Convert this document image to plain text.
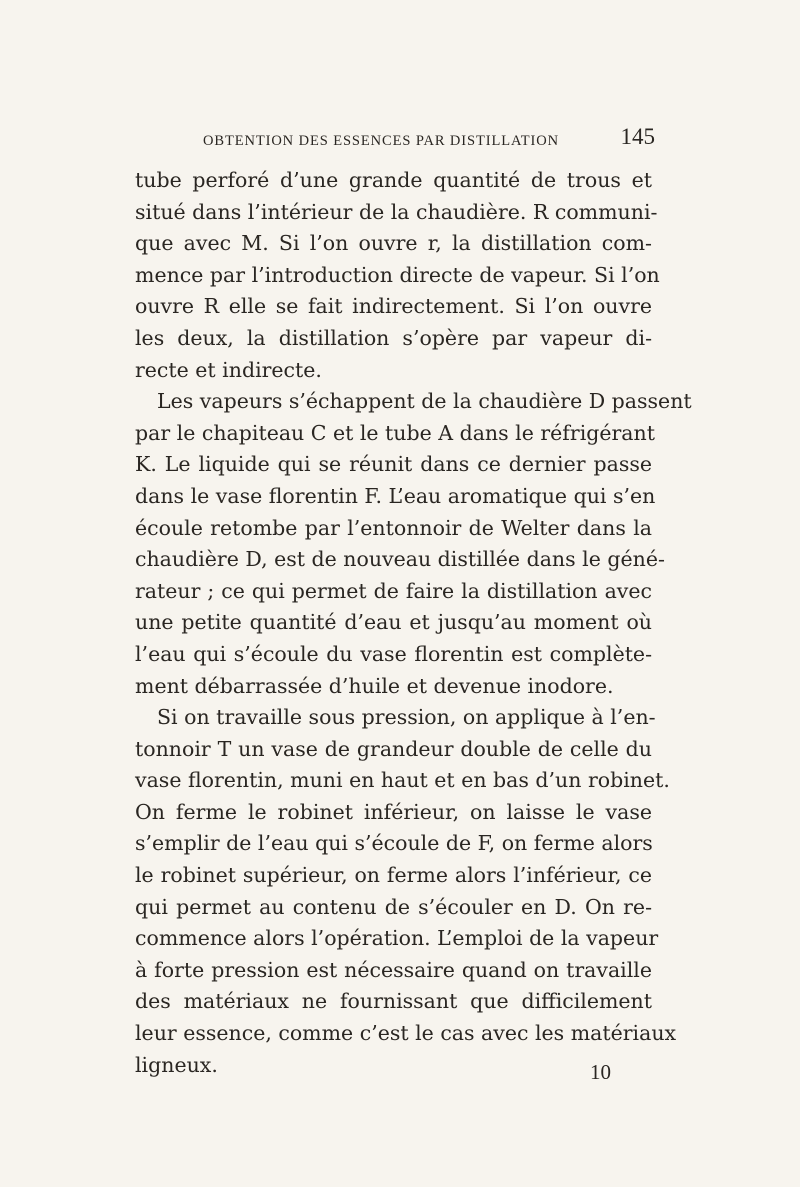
OBTENTION DES ESSENCES PAR DISTILLATION	145
tube perforé d’une grande quantité de trous et
situé dans l’intérieur de la chaudière. R communi-
que avec M. Si l’on ouvre r, la distillation com-
mence par l’introduction directe de vapeur. Si l’on
ouvre R elle se fait indirectement. Si l’on ouvre
les deux, la distillation s’opère par vapeur di-
recte et indirecte.
Les vapeurs s’échappent de la chaudière D passent
par le chapiteau C et le tube A dans le réfrigérant
K. Le liquide qui se réunit dans ce dernier passe
dans le vase florentin F. L’eau aromatique qui s’en
écoule retombe par l’entonnoir de Welter dans la
chaudière D, est de nouveau distillée dans le géné-
rateur ; ce qui permet de faire la distillation avec
une petite quantité d’eau et jusqu’au moment où
l’eau qui s’écoule du vase florentin est complète-
ment débarrassée d’huile et devenue inodore.
Si on travaille sous pression, on applique à l’en-
tonnoir T un vase de grandeur double de celle du
vase florentin, muni en haut et en bas d’un robinet.
On ferme le robinet inférieur, on laisse le vase
s’emplir de l’eau qui s’écoule de F, on ferme alors
le robinet supérieur, on ferme alors l’inférieur, ce
qui permet au contenu de s’écouler en D. On re-
commence alors l’opération. L’emploi de la vapeur
à forte pression est nécessaire quand on travaille
des matériaux ne fournissant que difficilement
leur essence, comme c’est le cas avec les matériaux
ligneux.	10
